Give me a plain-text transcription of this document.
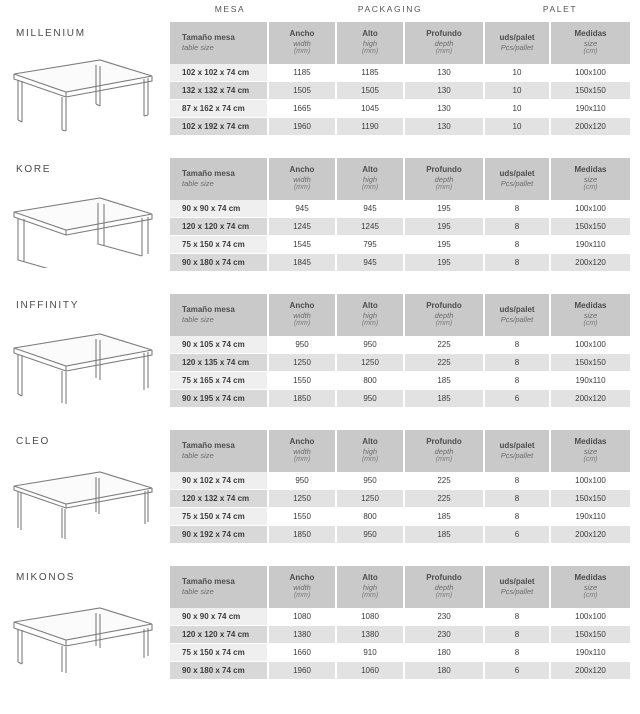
MESA	PACKAGING	PALET
MILLENIUM	Tamaño mesa
table size	Ancho
width
(mm)	Alto
high
(mm)	Profundo
depth
(mm)	uds/palet
Pcs/pallet	Medidas
size
(cm)

102 x 102 x 74 cm	1185	1185	130	10	100x100
132 x 132 x 74 cm	1505	1505	130	10	150x150
87 x 162 x 74 cm	1665	1045	130	10	190x110
102 x 192 x 74 cm	1960	1190	130	10	200x120
KORE	Tamaño mesa
table size	Ancho
width
(mm)	Alto
high
(mm)	Profundo
depth
(mm)	uds/palet
Pcs/pallet	Medidas
size
(cm)

90 x 90 x 74 cm	945	945	195	8	100x100
120 x 120 x 74 cm	1245	1245	195	8	150x150
75 x 150 x 74 cm	1545	795	195	8	190x110
90 x 180 x 74 cm	1845	945	195	8	200x120
INFFINITY	Tamaño mesa
table size	Ancho
width
(mm)	Alto
high
(mm)	Profundo
depth
(mm)	uds/palet
Pcs/pallet	Medidas
size
(cm)

90 x 105 x 74 cm	950	950	225	8	100x100
120 x 135 x 74 cm	1250	1250	225	8	150x150
75 x 165 x 74 cm	1550	800	185	8	190x110
90 x 195 x 74 cm	1850	950	185	6	200x120
CLEO	Tamaño mesa
table size	Ancho
width
(mm)	Alto
high
(mm)	Profundo
depth
(mm)	uds/palet
Pcs/pallet	Medidas
size
(cm)

90 x 102 x 74 cm	950	950	225	8	100x100
120 x 132 x 74 cm	1250	1250	225	8	150x150
75 x 150 x 74 cm	1550	800	185	8	190x110
90 x 192 x 74 cm	1850	950	185	6	200x120
MIKONOS	Tamaño mesa
table size	Ancho
width
(mm)	Alto
high
(mm)	Profundo
depth
(mm)	uds/palet
Pcs/pallet	Medidas
size
(cm)

90 x 90 x 74 cm	1080	1080	230	8	100x100
120 x 120 x 74 cm	1380	1380	230	8	150x150
75 x 150 x 74 cm	1660	910	180	8	190x110
90 x 180 x 74 cm	1960	1060	180	6	200x120
